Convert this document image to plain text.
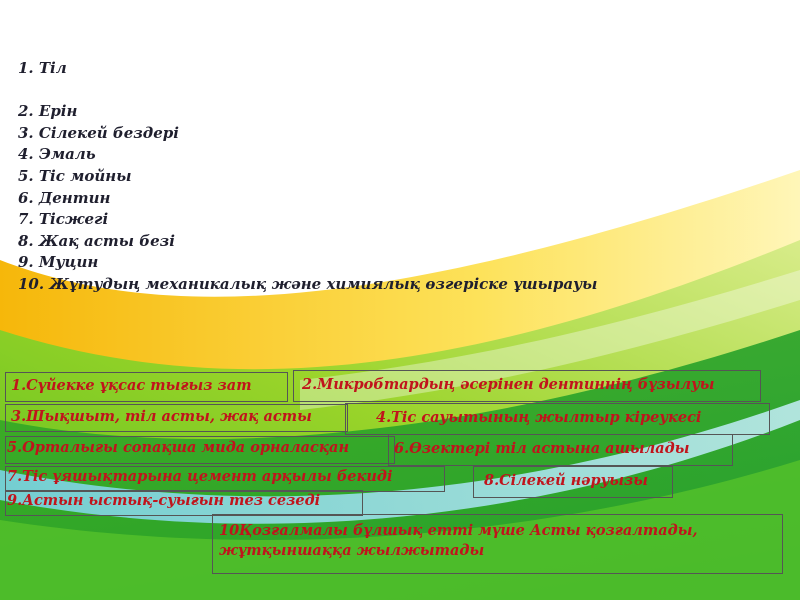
1. Тіл
2. Ерін
3. Сілекей бездері
4. Эмаль
5. Тіс мойны
6. Дентин
7. Тісжегі
8. Жақ асты безі
9. Муцин
10. Жұтудың механикалық және химиялық өзгеріске ұшырауы
1.Сүйекке ұқсас тығыз зат	2.Микробтардың әсерінен дентиннің бұзылуы
3.Шықшыт, тіл асты, жақ асты	4.Тіс сауытының жылтыр кіреукесі
5.Орталығы сопақша мида орналасқан	6.Өзектері тіл астына ашылады
7.Тіс ұяшықтарына цемент арқылы бекиді	8.Сілекей нәруызы
9.Астын ыстық-суығын тез сезеді
10Қозғалмалы бұлшық етті мүше Асты қозғалтады, жұтқыншаққа жылжытады
